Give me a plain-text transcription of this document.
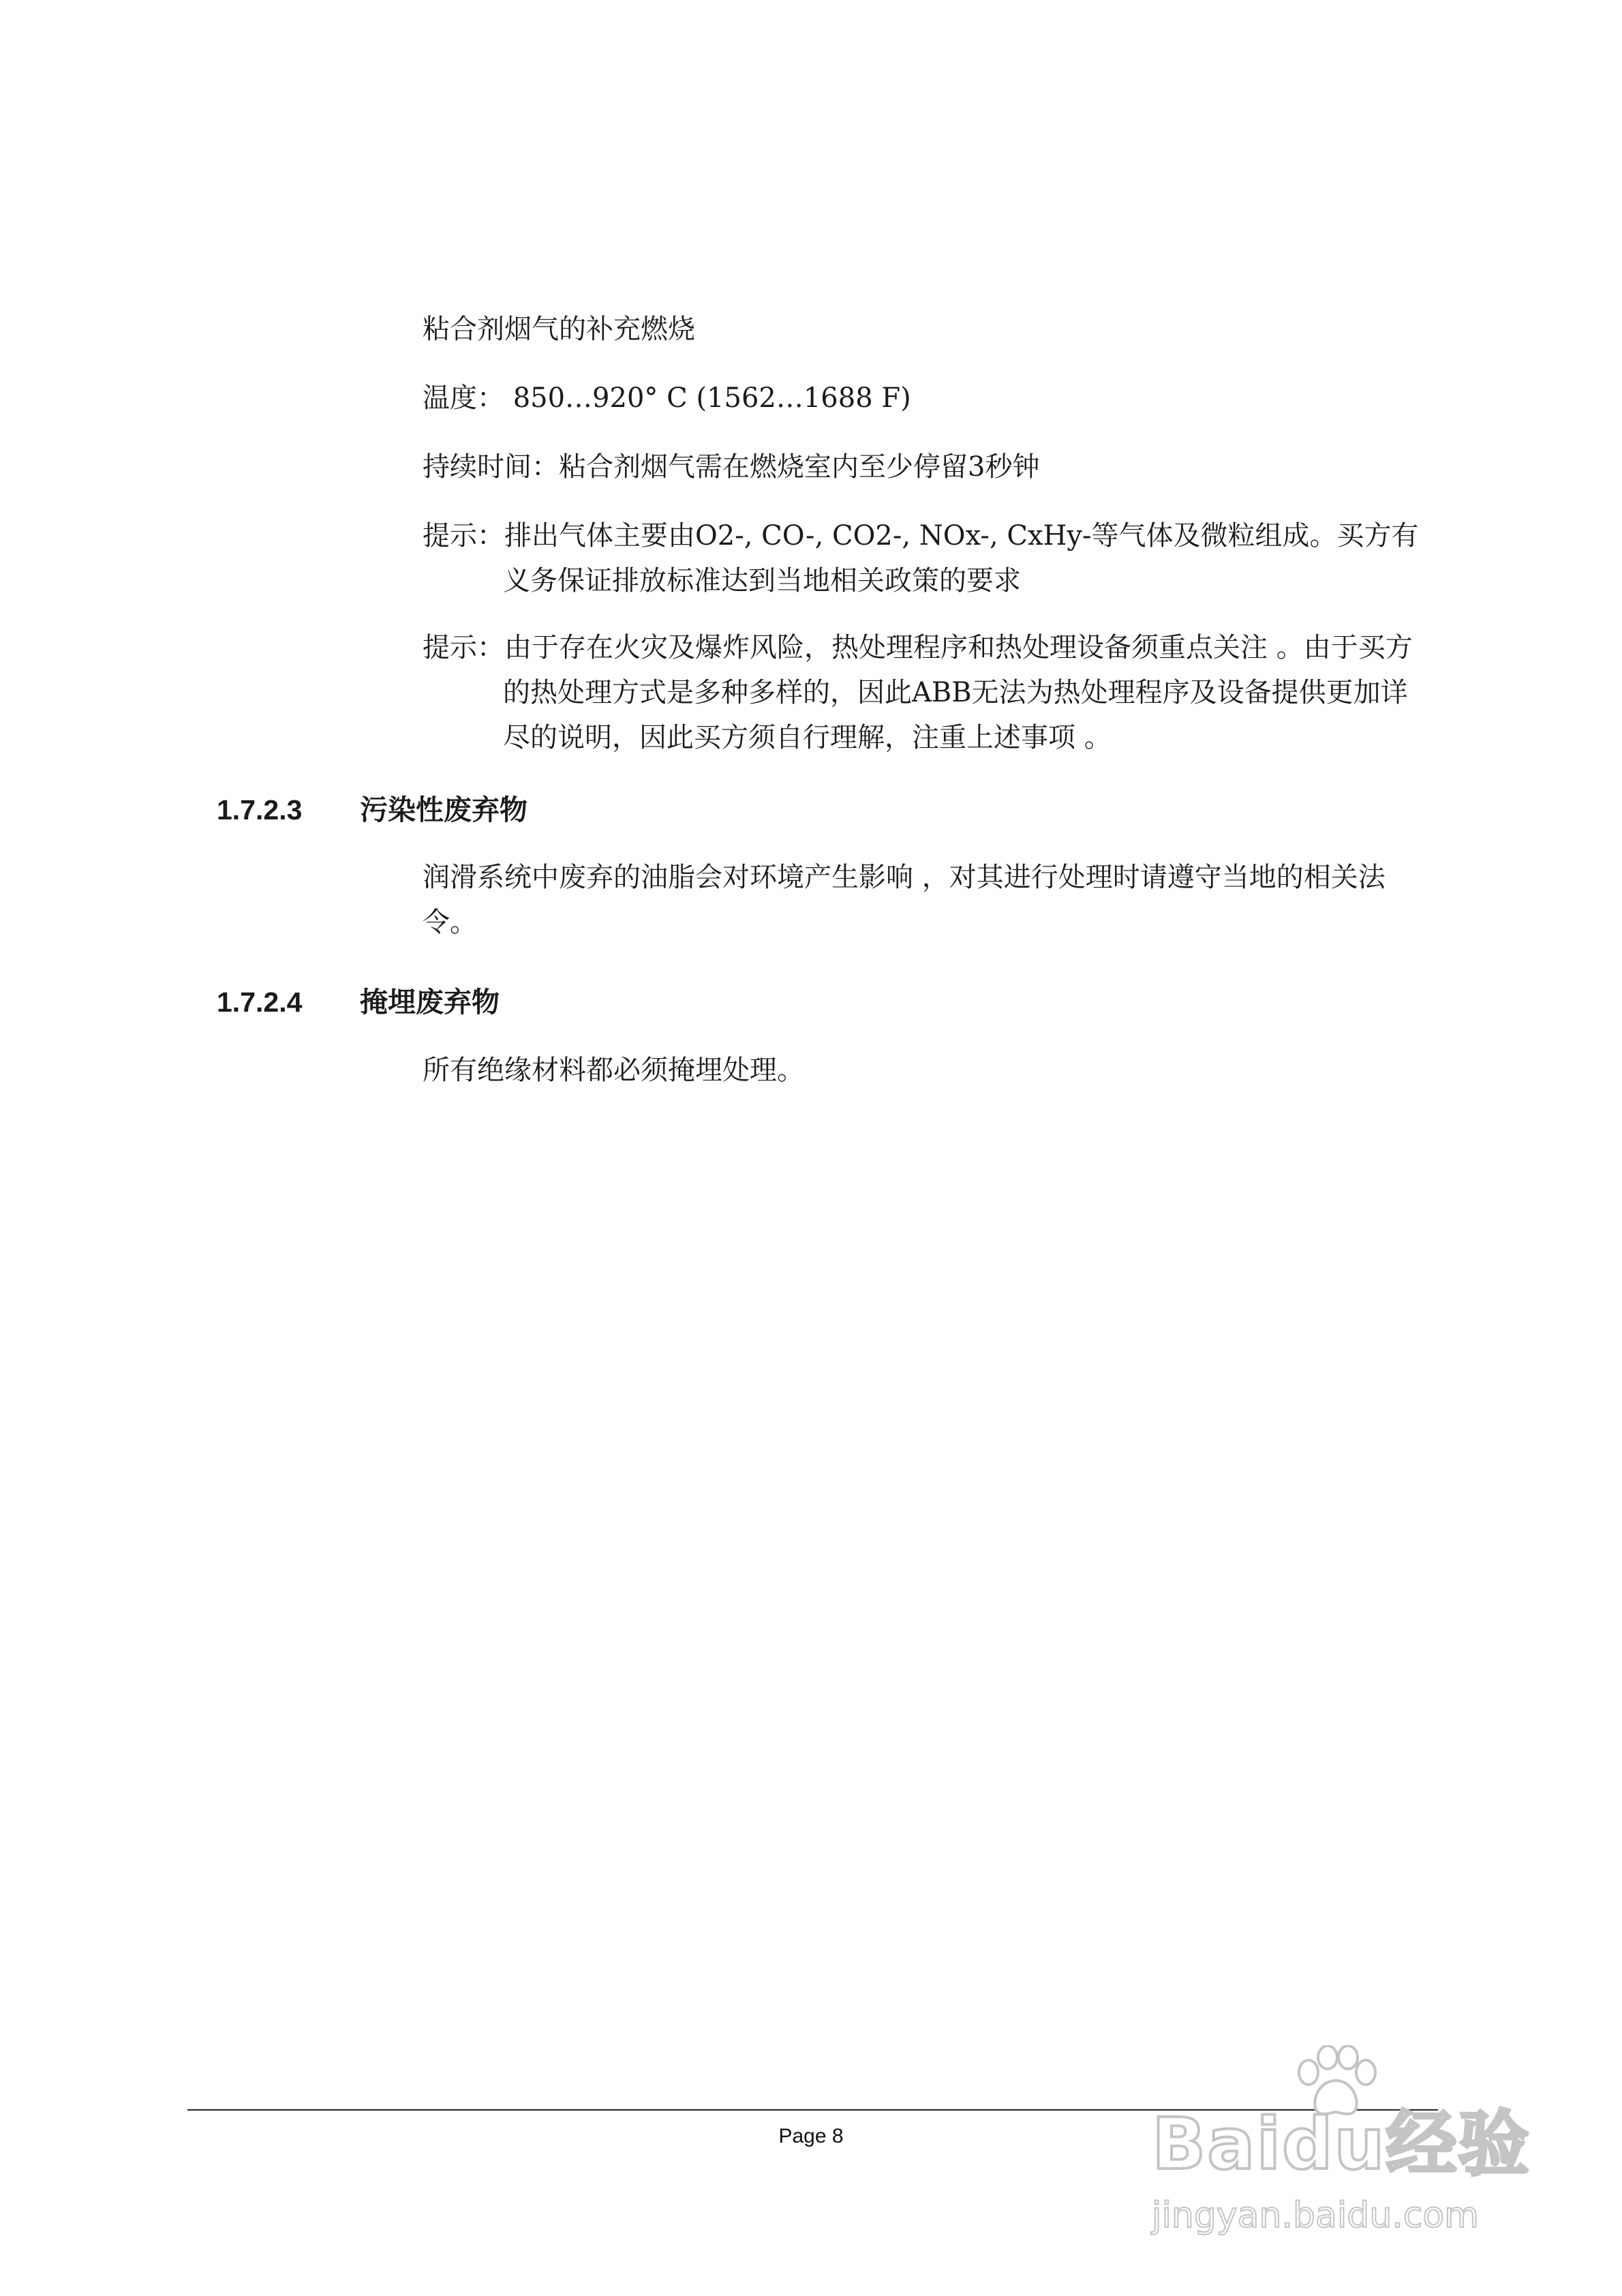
粘合剂烟气的补充燃烧

温度： 850…920° C (1562…1688 F)

持续时间：粘合剂烟气需在燃烧室内至少停留3秒钟

提示：排出气体主要由O2-, CO-, CO2-, NOx-, CxHy-等气体及微粒组成。买方有义务保证排放标准达到当地相关政策的要求

提示：由于存在火灾及爆炸风险，热处理程序和热处理设备须重点关注 。由于买方的热处理方式是多种多样的，因此ABB无法为热处理程序及设备提供更加详尽的说明，因此买方须自行理解，注重上述事项 。

1.7.2.3	污染性废弃物

润滑系统中废弃的油脂会对环境产生影响 ，对其进行处理时请遵守当地的相关法令。

1.7.2.4	掩埋废弃物

所有绝缘材料都必须掩埋处理。

Page 8	Baidu经验
jingyan.baidu.com
